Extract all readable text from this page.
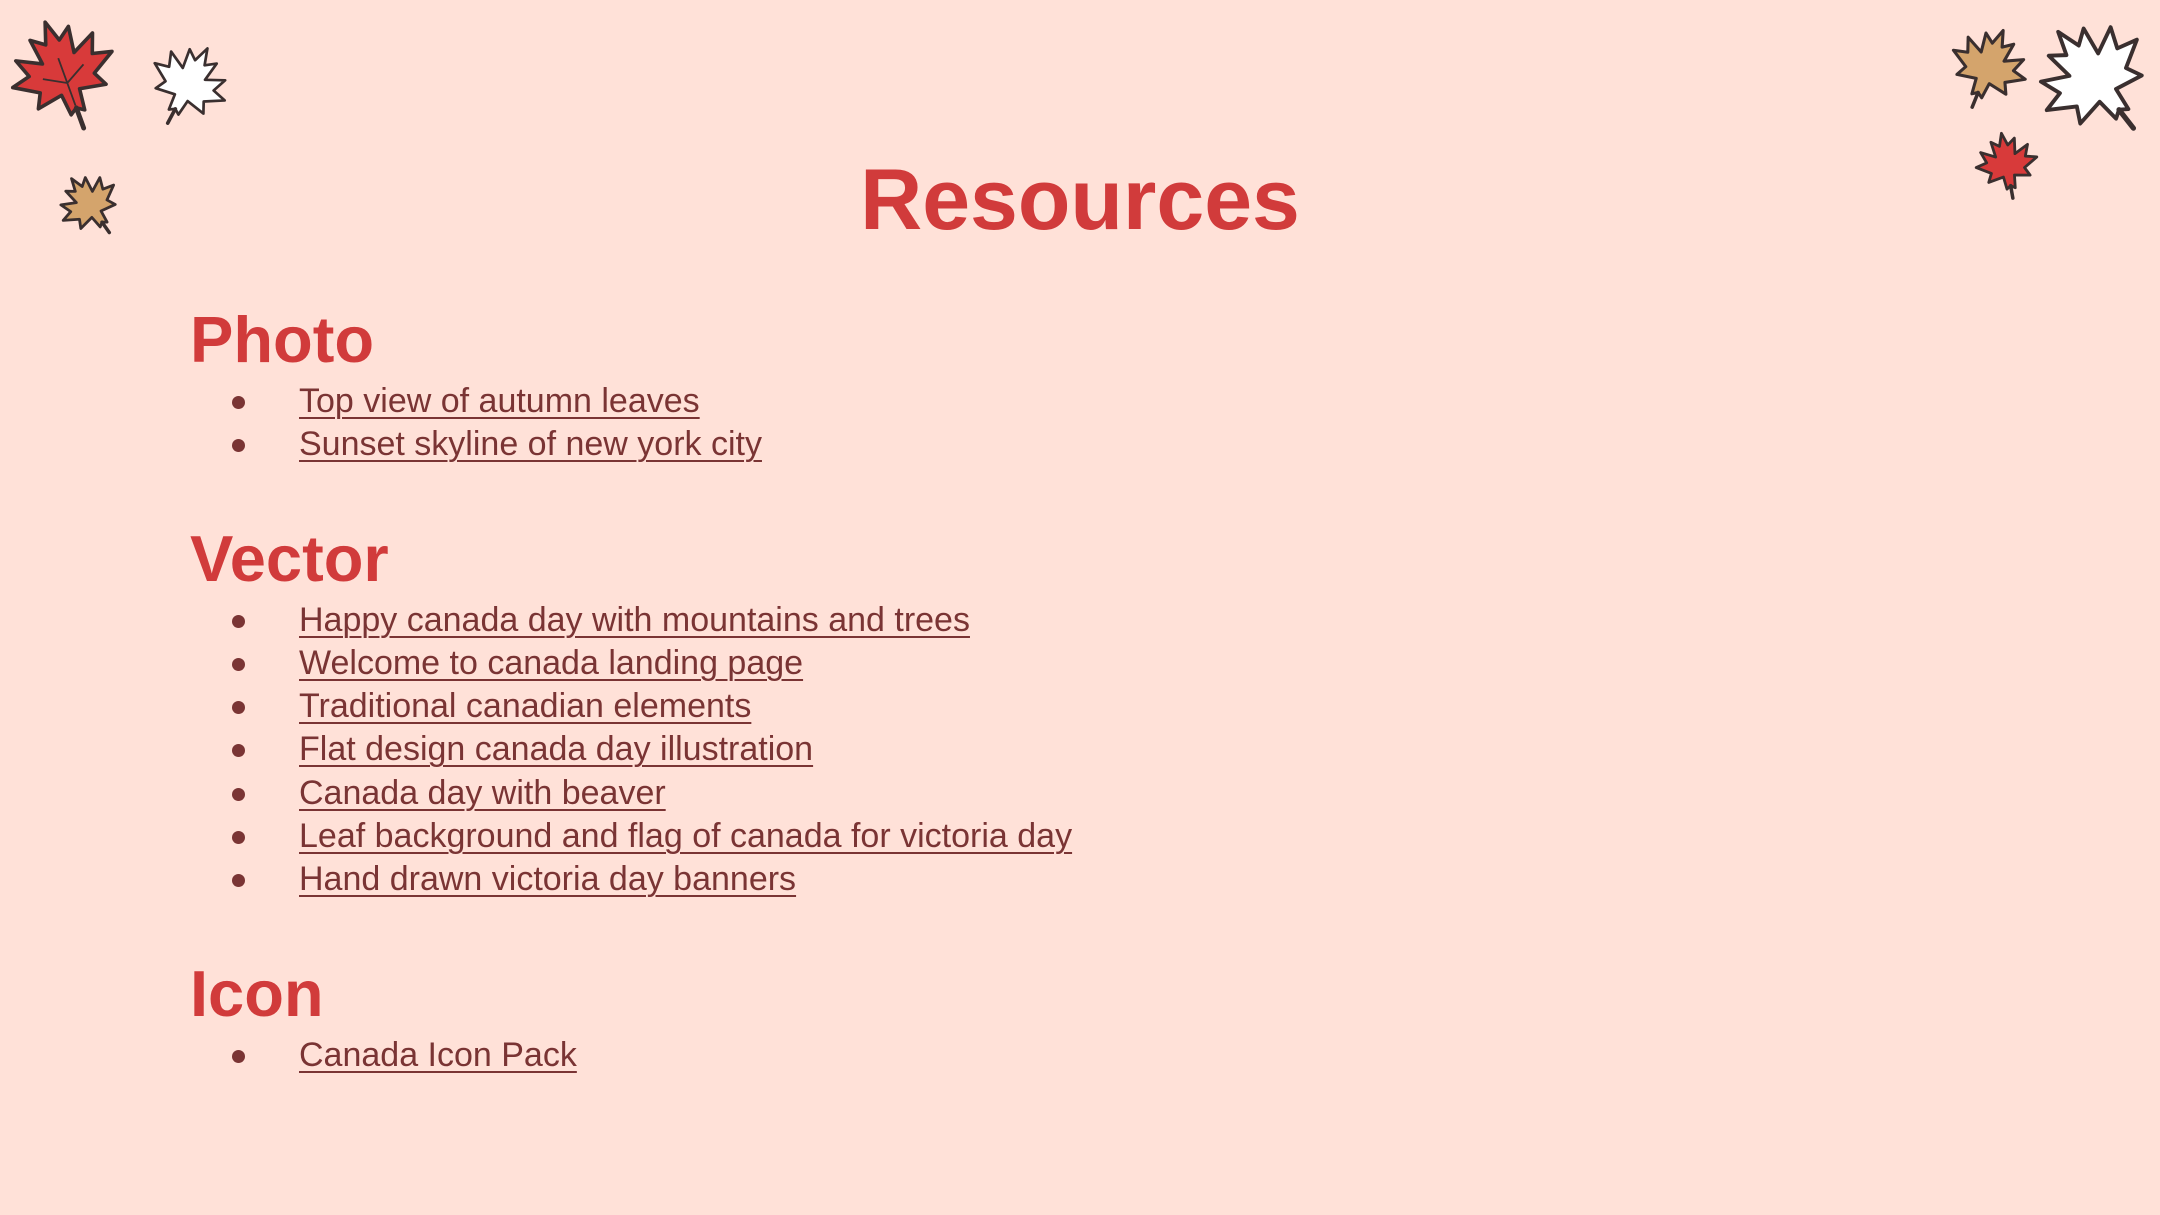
Resources
Photo
Top view of autumn leaves
Sunset skyline of new york city
Vector
Happy canada day with mountains and trees
Welcome to canada landing page
Traditional canadian elements
Flat design canada day illustration
Canada day with beaver
Leaf background and flag of canada for victoria day
Hand drawn victoria day banners
Icon
Canada Icon Pack
